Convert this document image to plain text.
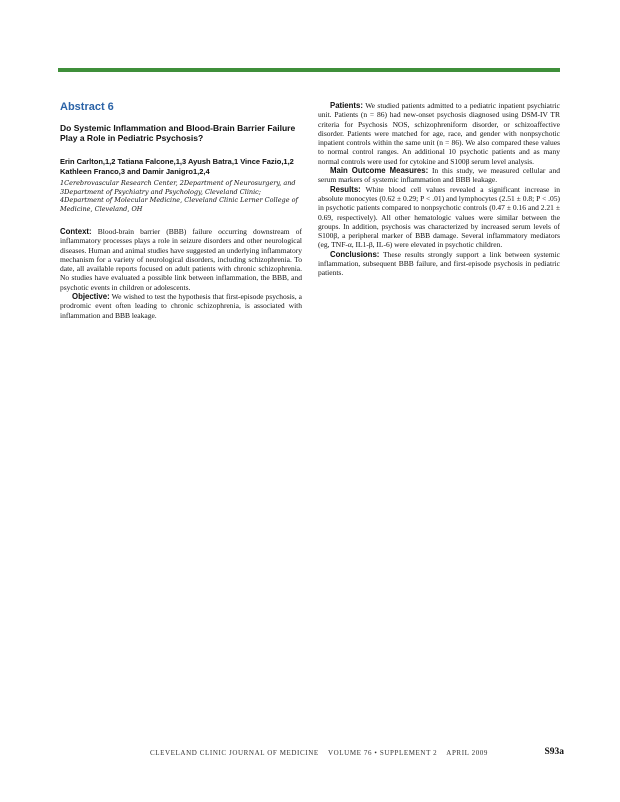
Abstract 6
Do Systemic Inflammation and Blood-Brain Barrier Failure Play a Role in Pediatric Psychosis?
Erin Carlton,1,2 Tatiana Falcone,1,3 Ayush Batra,1 Vince Fazio,1,2 Kathleen Franco,3 and Damir Janigro1,2,4
1Cerebrovascular Research Center, 2Department of Neurosurgery, and 3Department of Psychiatry and Psychology, Cleveland Clinic; 4Department of Molecular Medicine, Cleveland Clinic Lerner College of Medicine, Cleveland, OH

Context: Blood-brain barrier (BBB) failure occurring downstream of inflammatory processes plays a role in seizure disorders and other neurological diseases. Human and animal studies have suggested an underlying inflammatory mechanism for a variety of neurological disorders, including schizophrenia. To date, all available reports focused on adult patients with chronic schizophrenia. No studies have evaluated a possible link between inflammation, the BBB, and psychotic events in children or adolescents.

Objective: We wished to test the hypothesis that first-episode psychosis, a prodromic event often leading to chronic schizophrenia, is associated with inflammation and BBB leakage.

Patients: We studied patients admitted to a pediatric inpatient psychiatric unit. Patients (n = 86) had new-onset psychosis diagnosed using DSM-IV TR criteria for Psychosis NOS, schizophreniform disorder, or schizoaffective disorder. Patients were matched for age, race, and gender with nonpsychotic inpatient controls within the same unit (n = 86). We also compared these values to normal control ranges. An additional 10 psychotic patients and as many normal controls were used for cytokine and S100β serum level analysis.

Main Outcome Measures: In this study, we measured cellular and serum markers of systemic inflammation and BBB leakage.

Results: White blood cell values revealed a significant increase in absolute monocytes (0.62 ± 0.29; P < .01) and lymphocytes (2.51 ± 0.8; P < .05) in psychotic patients compared to nonpsychotic controls (0.47 ± 0.16 and 2.21 ± 0.69, respectively). All other hematologic values were similar between the groups. In addition, psychosis was characterized by increased serum levels of S100β, a peripheral marker of BBB damage. Several inflammatory mediators (eg, TNF-α, IL1-β, IL-6) were elevated in psychotic children.

Conclusions: These results strongly support a link between systemic inflammation, subsequent BBB failure, and first-episode psychosis in pediatric patients.

CLEVELAND CLINIC JOURNAL OF MEDICINE    VOLUME 76 • SUPPLEMENT 2    APRIL 2009	S93a
